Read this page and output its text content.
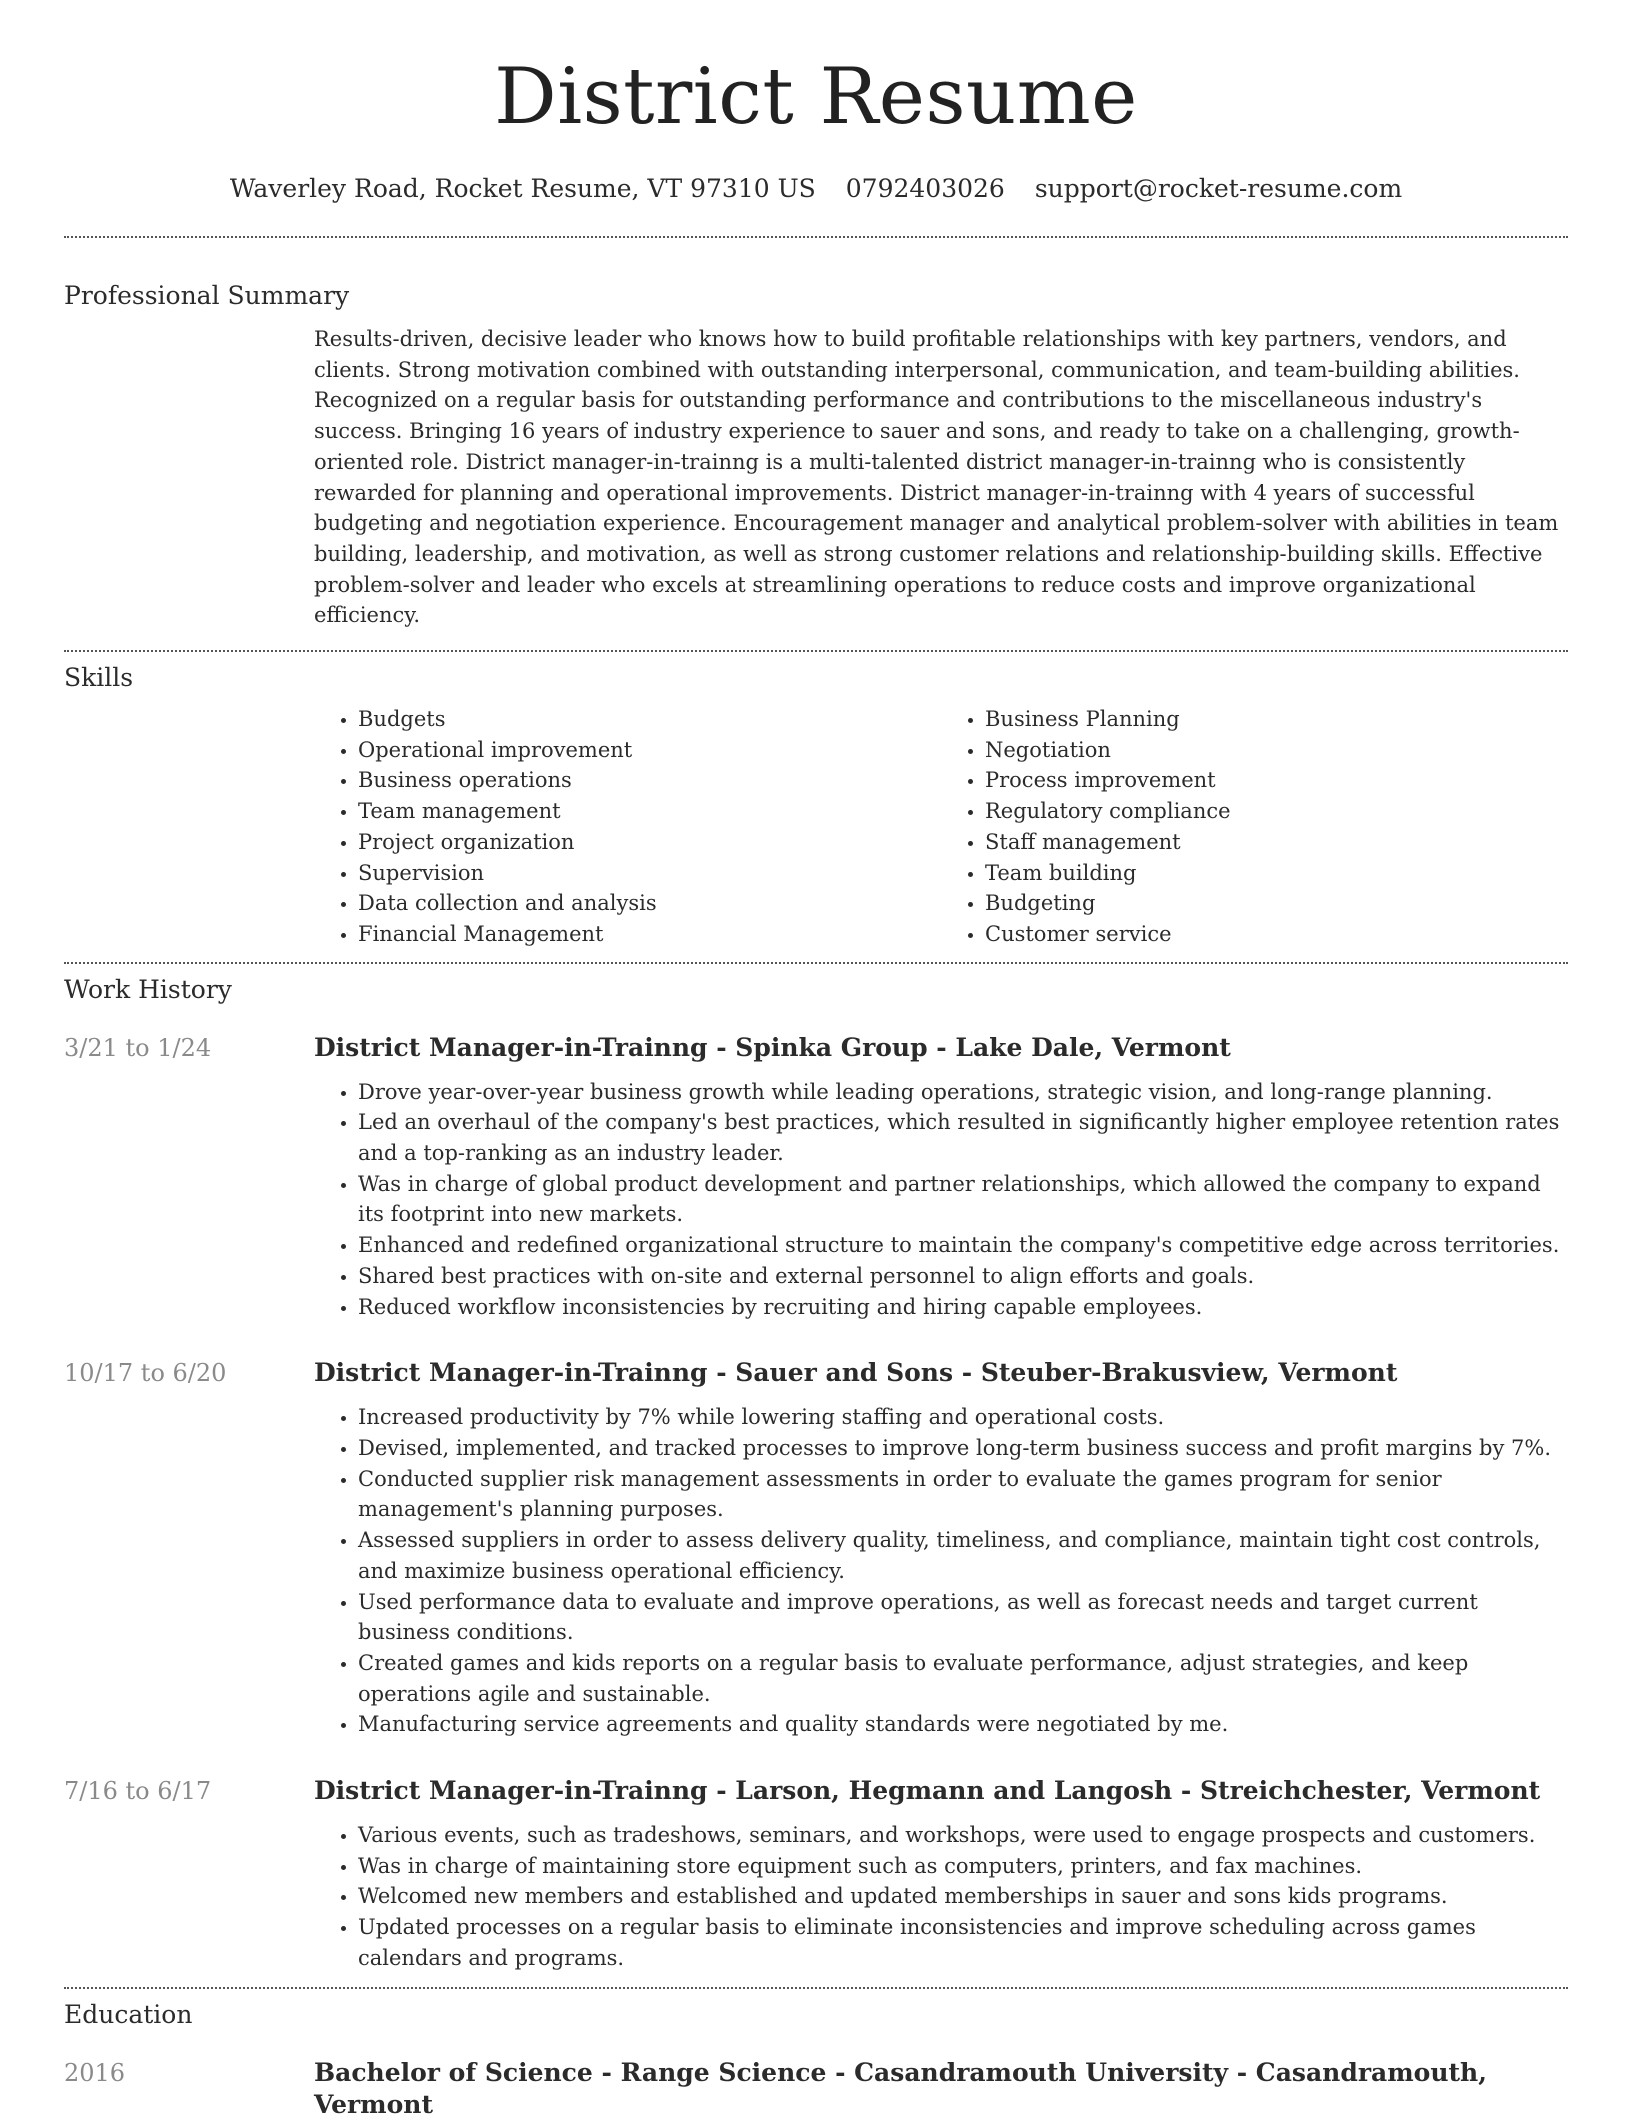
District Resume
Waverley Road, Rocket Resume, VT 97310 US 0792403026 support@rocket-resume.com
Professional Summary

Results-driven, decisive leader who knows how to build profitable relationships with key partners, vendors, and clients. Strong motivation combined with outstanding interpersonal, communication, and team-building abilities. Recognized on a regular basis for outstanding performance and contributions to the miscellaneous industry's success. Bringing 16 years of industry experience to sauer and sons, and ready to take on a challenging, growth-oriented role. District manager-in-trainng is a multi-talented district manager-in-trainng who is consistently rewarded for planning and operational improvements. District manager-in-trainng with 4 years of successful budgeting and negotiation experience. Encouragement manager and analytical problem-solver with abilities in team building, leadership, and motivation, as well as strong customer relations and relationship-building skills. Effective problem-solver and leader who excels at streamlining operations to reduce costs and improve organizational efficiency.

Skills
• Budgets
• Operational improvement
• Business operations
• Team management
• Project organization
• Supervision
• Data collection and analysis
• Financial Management
• Business Planning
• Negotiation
• Process improvement
• Regulatory compliance
• Staff management
• Team building
• Budgeting
• Customer service
Work History
3/21 to 1/24	District Manager-in-Trainng - Spinka Group - Lake Dale, Vermont
• Drove year-over-year business growth while leading operations, strategic vision, and long-range planning.
• Led an overhaul of the company's best practices, which resulted in significantly higher employee retention rates and a top-ranking as an industry leader.
• Was in charge of global product development and partner relationships, which allowed the company to expand its footprint into new markets.
• Enhanced and redefined organizational structure to maintain the company's competitive edge across territories.
• Shared best practices with on-site and external personnel to align efforts and goals.
• Reduced workflow inconsistencies by recruiting and hiring capable employees.
10/17 to 6/20	District Manager-in-Trainng - Sauer and Sons - Steuber-Brakusview, Vermont
• Increased productivity by 7% while lowering staffing and operational costs.
• Devised, implemented, and tracked processes to improve long-term business success and profit margins by 7%.
• Conducted supplier risk management assessments in order to evaluate the games program for senior management's planning purposes.
• Assessed suppliers in order to assess delivery quality, timeliness, and compliance, maintain tight cost controls, and maximize business operational efficiency.
• Used performance data to evaluate and improve operations, as well as forecast needs and target current business conditions.
• Created games and kids reports on a regular basis to evaluate performance, adjust strategies, and keep operations agile and sustainable.
• Manufacturing service agreements and quality standards were negotiated by me.
7/16 to 6/17	District Manager-in-Trainng - Larson, Hegmann and Langosh - Streichchester, Vermont
• Various events, such as tradeshows, seminars, and workshops, were used to engage prospects and customers.
• Was in charge of maintaining store equipment such as computers, printers, and fax machines.
• Welcomed new members and established and updated memberships in sauer and sons kids programs.
• Updated processes on a regular basis to eliminate inconsistencies and improve scheduling across games calendars and programs.
Education
2016	Bachelor of Science - Range Science - Casandramouth University - Casandramouth, Vermont
